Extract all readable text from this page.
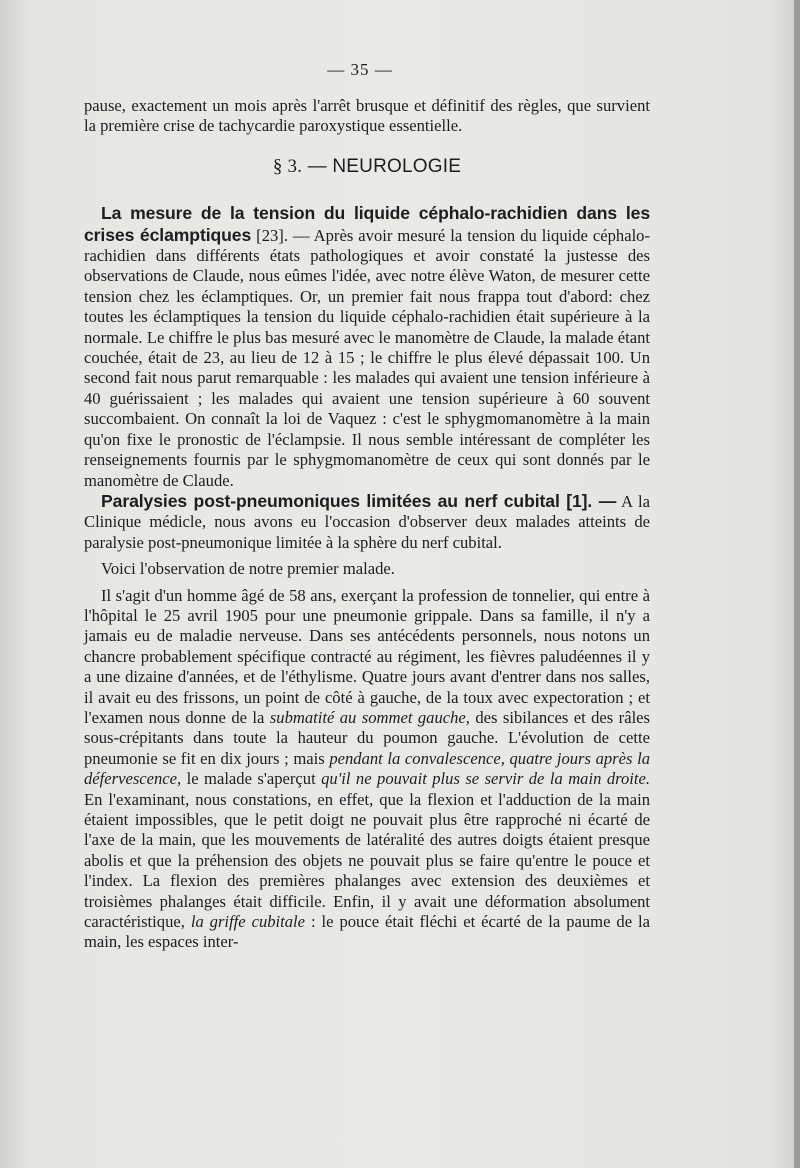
— 35 —

pause, exactement un mois après l'arrêt brusque et définitif des règles, que survient la première crise de tachycardie paroxystique essentielle.

§ 3. — NEUROLOGIE

La mesure de la tension du liquide céphalo-rachidien dans les crises éclamptiques [23]. — Après avoir mesuré la tension du liquide céphalo-rachidien dans différents états pathologiques et avoir constaté la justesse des observations de Claude, nous eûmes l'idée, avec notre élève Waton, de mesurer cette tension chez les éclamptiques. Or, un premier fait nous frappa tout d'abord: chez toutes les éclamptiques la tension du liquide céphalo-rachidien était supérieure à la normale. Le chiffre le plus bas mesuré avec le manomètre de Claude, la malade étant couchée, était de 23, au lieu de 12 à 15 ; le chiffre le plus élevé dépassait 100. Un second fait nous parut remarquable : les malades qui avaient une tension inférieure à 40 guérissaient ; les malades qui avaient une tension supérieure à 60 souvent succombaient. On connaît la loi de Vaquez : c'est le sphygmomanomètre à la main qu'on fixe le pronostic de l'éclampsie. Il nous semble intéressant de compléter les renseignements fournis par le sphygmomanomètre de ceux qui sont donnés par le manomètre de Claude.

Paralysies post-pneumoniques limitées au nerf cubital [1]. — A la Clinique médicle, nous avons eu l'occasion d'observer deux malades atteints de paralysie post-pneumonique limitée à la sphère du nerf cubital.

Voici l'observation de notre premier malade.

Il s'agit d'un homme âgé de 58 ans, exerçant la profession de tonnelier, qui entre à l'hôpital le 25 avril 1905 pour une pneumonie grippale. Dans sa famille, il n'y a jamais eu de maladie nerveuse. Dans ses antécédents personnels, nous notons un chancre probablement spécifique contracté au régiment, les fièvres paludéennes il y a une dizaine d'années, et de l'éthylisme. Quatre jours avant d'entrer dans nos salles, il avait eu des frissons, un point de côté à gauche, de la toux avec expectoration ; et l'examen nous donne de la submatité au sommet gauche, des sibilances et des râles sous-crépitants dans toute la hauteur du poumon gauche. L'évolution de cette pneumonie se fit en dix jours ; mais pendant la convalescence, quatre jours après la défervescence, le malade s'aperçut qu'il ne pouvait plus se servir de la main droite. En l'examinant, nous constations, en effet, que la flexion et l'adduction de la main étaient impossibles, que le petit doigt ne pouvait plus être rapproché ni écarté de l'axe de la main, que les mouvements de latéralité des autres doigts étaient presque abolis et que la préhension des objets ne pouvait plus se faire qu'entre le pouce et l'index. La flexion des premières phalanges avec extension des deuxièmes et troisièmes phalanges était difficile. Enfin, il y avait une déformation absolument caractéristique, la griffe cubitale : le pouce était fléchi et écarté de la paume de la main, les espaces inter-
